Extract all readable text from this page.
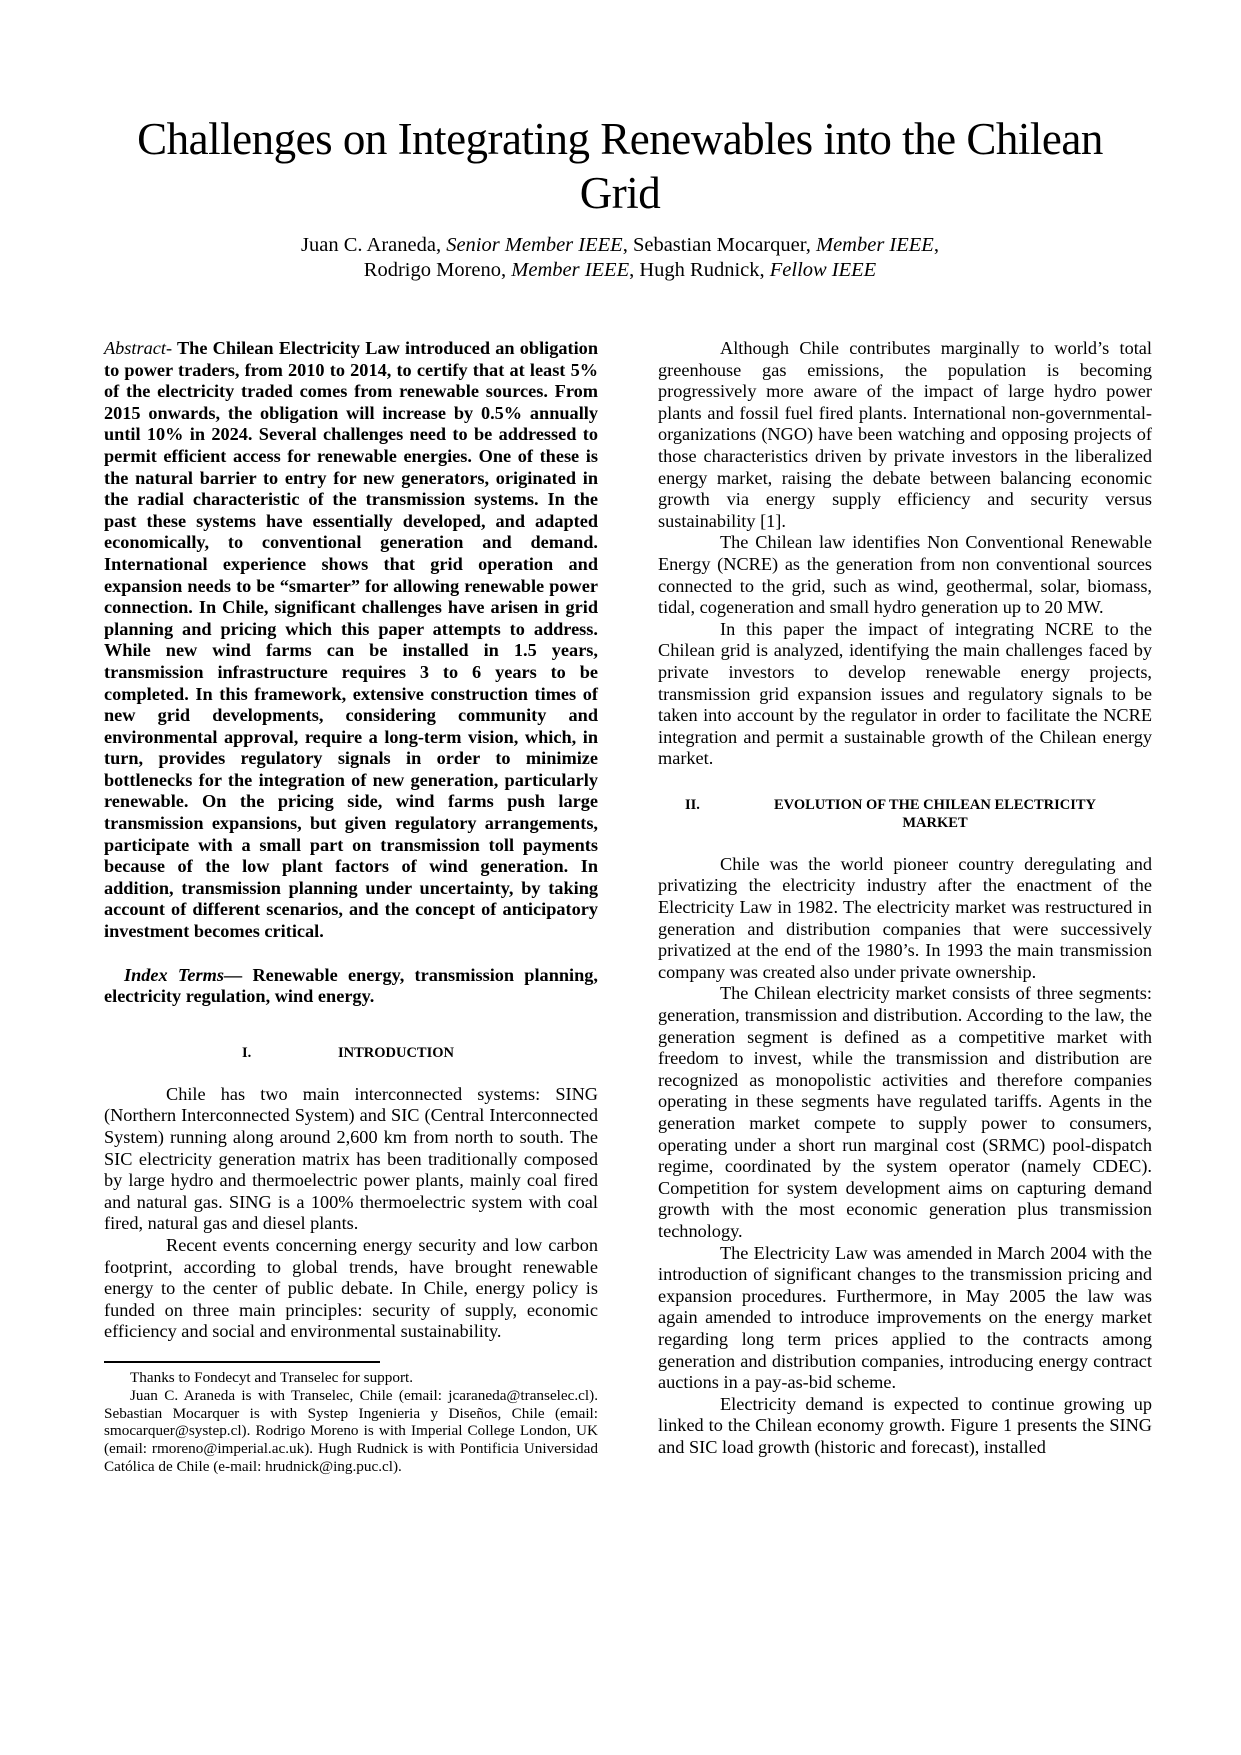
Challenges on Integrating Renewables into the Chilean Grid
Juan C. Araneda, Senior Member IEEE, Sebastian Mocarquer, Member IEEE,
Rodrigo Moreno, Member IEEE, Hugh Rudnick, Fellow IEEE

Abstract- The Chilean Electricity Law introduced an obligation to power traders, from 2010 to 2014, to certify that at least 5% of the electricity traded comes from renewable sources. From 2015 onwards, the obligation will increase by 0.5% annually until 10% in 2024. Several challenges need to be addressed to permit efficient access for renewable energies. One of these is the natural barrier to entry for new generators, originated in the radial characteristic of the transmission systems. In the past these systems have essentially developed, and adapted economically, to conventional generation and demand. International experience shows that grid operation and expansion needs to be “smarter” for allowing renewable power connection. In Chile, significant challenges have arisen in grid planning and pricing which this paper attempts to address. While new wind farms can be installed in 1.5 years, transmission infrastructure requires 3 to 6 years to be completed. In this framework, extensive construction times of new grid developments, considering community and environmental approval, require a long-term vision, which, in turn, provides regulatory signals in order to minimize bottlenecks for the integration of new generation, particularly renewable. On the pricing side, wind farms push large transmission expansions, but given regulatory arrangements, participate with a small part on transmission toll payments because of the low plant factors of wind generation. In addition, transmission planning under uncertainty, by taking account of different scenarios, and the concept of anticipatory investment becomes critical.

Index Terms— Renewable energy, transmission planning, electricity regulation, wind energy.

I.	INTRODUCTION

Chile has two main interconnected systems: SING (Northern Interconnected System) and SIC (Central Interconnected System) running along around 2,600 km from north to south. The SIC electricity generation matrix has been traditionally composed by large hydro and thermoelectric power plants, mainly coal fired and natural gas. SING is a 100% thermoelectric system with coal fired, natural gas and diesel plants.

Recent events concerning energy security and low carbon footprint, according to global trends, have brought renewable energy to the center of public debate. In Chile, energy policy is funded on three main principles: security of supply, economic efficiency and social and environmental sustainability.

Thanks to Fondecyt and Transelec for support.

Juan C. Araneda is with Transelec, Chile (email: jcaraneda@transelec.cl). Sebastian Mocarquer is with Systep Ingenieria y Diseños, Chile (email: smocarquer@systep.cl). Rodrigo Moreno is with Imperial College London, UK (email: rmoreno@imperial.ac.uk). Hugh Rudnick is with Pontificia Universidad Católica de Chile (e-mail: hrudnick@ing.puc.cl).

Although Chile contributes marginally to world’s total greenhouse gas emissions, the population is becoming progressively more aware of the impact of large hydro power plants and fossil fuel fired plants. International non-governmental-organizations (NGO) have been watching and opposing projects of those characteristics driven by private investors in the liberalized energy market, raising the debate between balancing economic growth via energy supply efficiency and security versus sustainability [1].

The Chilean law identifies Non Conventional Renewable Energy (NCRE) as the generation from non conventional sources connected to the grid, such as wind, geothermal, solar, biomass, tidal, cogeneration and small hydro generation up to 20 MW.

In this paper the impact of integrating NCRE to the Chilean grid is analyzed, identifying the main challenges faced by private investors to develop renewable energy projects, transmission grid expansion issues and regulatory signals to be taken into account by the regulator in order to facilitate the NCRE integration and permit a sustainable growth of the Chilean energy market.

II.	EVOLUTION OF THE CHILEAN ELECTRICITY MARKET

Chile was the world pioneer country deregulating and privatizing the electricity industry after the enactment of the Electricity Law in 1982. The electricity market was restructured in generation and distribution companies that were successively privatized at the end of the 1980’s. In 1993 the main transmission company was created also under private ownership.

The Chilean electricity market consists of three segments: generation, transmission and distribution. According to the law, the generation segment is defined as a competitive market with freedom to invest, while the transmission and distribution are recognized as monopolistic activities and therefore companies operating in these segments have regulated tariffs. Agents in the generation market compete to supply power to consumers, operating under a short run marginal cost (SRMC) pool-dispatch regime, coordinated by the system operator (namely CDEC). Competition for system development aims on capturing demand growth with the most economic generation plus transmission technology.

The Electricity Law was amended in March 2004 with the introduction of significant changes to the transmission pricing and expansion procedures. Furthermore, in May 2005 the law was again amended to introduce improvements on the energy market regarding long term prices applied to the contracts among generation and distribution companies, introducing energy contract auctions in a pay-as-bid scheme.

Electricity demand is expected to continue growing up linked to the Chilean economy growth. Figure 1 presents the SING and SIC load growth (historic and forecast), installed
